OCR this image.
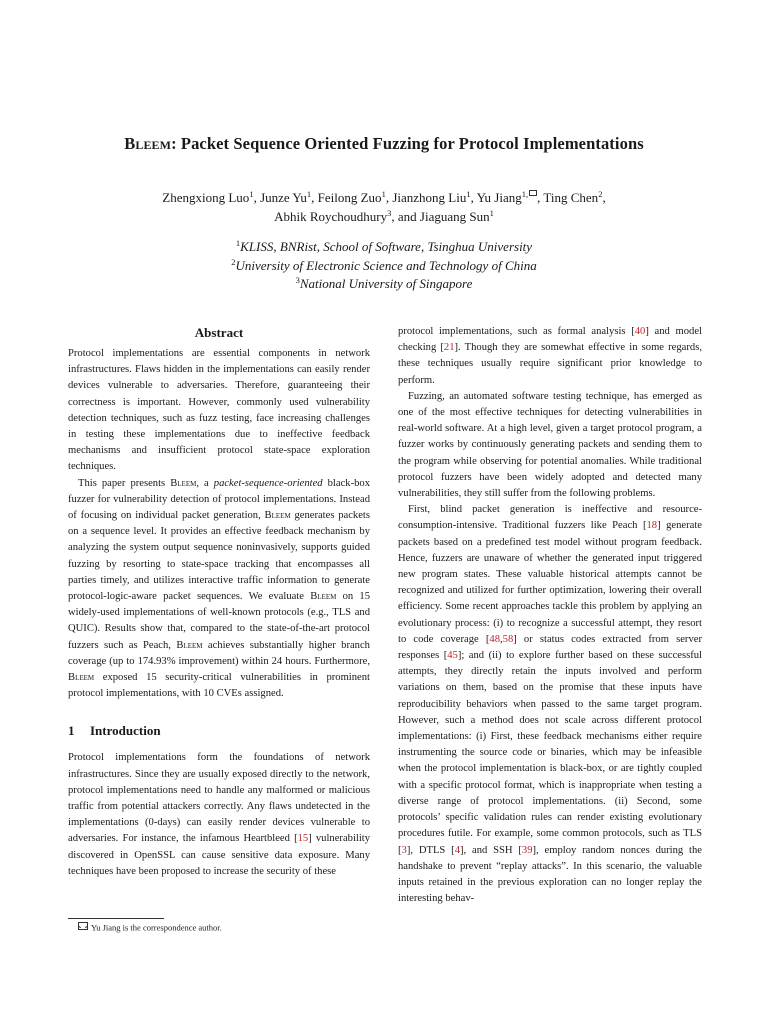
Bleem: Packet Sequence Oriented Fuzzing for Protocol Implementations
Zhengxiong Luo$^1$, Junze Yu$^1$, Feilong Zuo$^1$, Jianzhong Liu$^1$, Yu Jiang$^{1,}$ , Ting Chen$^2$,
Abhik Roychoudhury$^3$, and Jiaguang Sun$^1$
$^1$KLISS, BNRist, School of Software, Tsinghua University
$^2$University of Electronic Science and Technology of China
$^3$National University of Singapore
Abstract

Protocol implementations are essential components in network infrastructures. Flaws hidden in the implementations can easily render devices vulnerable to adversaries. Therefore, guaranteeing their correctness is important. However, commonly used vulnerability detection techniques, such as fuzz testing, face increasing challenges in testing these implementations due to ineffective feedback mechanisms and insufficient protocol state-space exploration techniques.

This paper presents Bleem, a packet-sequence-oriented black-box fuzzer for vulnerability detection of protocol implementations. Instead of focusing on individual packet generation, Bleem generates packets on a sequence level. It provides an effective feedback mechanism by analyzing the system output sequence noninvasively, supports guided fuzzing by resorting to state-space tracking that encompasses all parties timely, and utilizes interactive traffic information to generate protocol-logic-aware packet sequences. We evaluate Bleem on 15 widely-used implementations of well-known protocols (e.g., TLS and QUIC). Results show that, compared to the state-of-the-art protocol fuzzers such as Peach, Bleem achieves substantially higher branch coverage (up to 174.93% improvement) within 24 hours. Furthermore, Bleem exposed 15 security-critical vulnerabilities in prominent protocol implementations, with 10 CVEs assigned.

1 Introduction

Protocol implementations form the foundations of network infrastructures. Since they are usually exposed directly to the network, protocol implementations need to handle any malformed or malicious traffic from potential attackers correctly. Any flaws undetected in the implementations (0-days) can easily render devices vulnerable to adversaries. For instance, the infamous Heartbleed [15] vulnerability discovered in OpenSSL can cause sensitive data exposure. Many techniques have been proposed to increase the security of these

protocol implementations, such as formal analysis [40] and model checking [21]. Though they are somewhat effective in some regards, these techniques usually require significant prior knowledge to perform.

Fuzzing, an automated software testing technique, has emerged as one of the most effective techniques for detecting vulnerabilities in real-world software. At a high level, given a target protocol program, a fuzzer works by continuously generating packets and sending them to the program while observing for potential anomalies. While traditional protocol fuzzers have been widely adopted and detected many vulnerabilities, they still suffer from the following problems.

First, blind packet generation is ineffective and resource-consumption-intensive. Traditional fuzzers like Peach [18] generate packets based on a predefined test model without program feedback. Hence, fuzzers are unaware of whether the generated input triggered new program states. These valuable historical attempts cannot be recognized and utilized for further optimization, lowering their overall efficiency. Some recent approaches tackle this problem by applying an evolutionary process: (i) to recognize a successful attempt, they resort to code coverage [48,58] or status codes extracted from server responses [45]; and (ii) to explore further based on these successful attempts, they directly retain the inputs involved and perform variations on them, based on the promise that these inputs have reproducibility behaviors when passed to the same target program. However, such a method does not scale across different protocol implementations: (i) First, these feedback mechanisms either require instrumenting the source code or binaries, which may be infeasible when the protocol implementation is black-box, or are tightly coupled with a specific protocol format, which is inappropriate when testing a diverse range of protocol implementations. (ii) Second, some protocols’ specific validation rules can render existing evolutionary procedures futile. For example, some common protocols, such as TLS [3], DTLS [4], and SSH [39], employ random nonces during the handshake to prevent “replay attacks”. In this scenario, the valuable inputs retained in the previous exploration can no longer replay the interesting behav-

Yu Jiang is the correspondence author.
